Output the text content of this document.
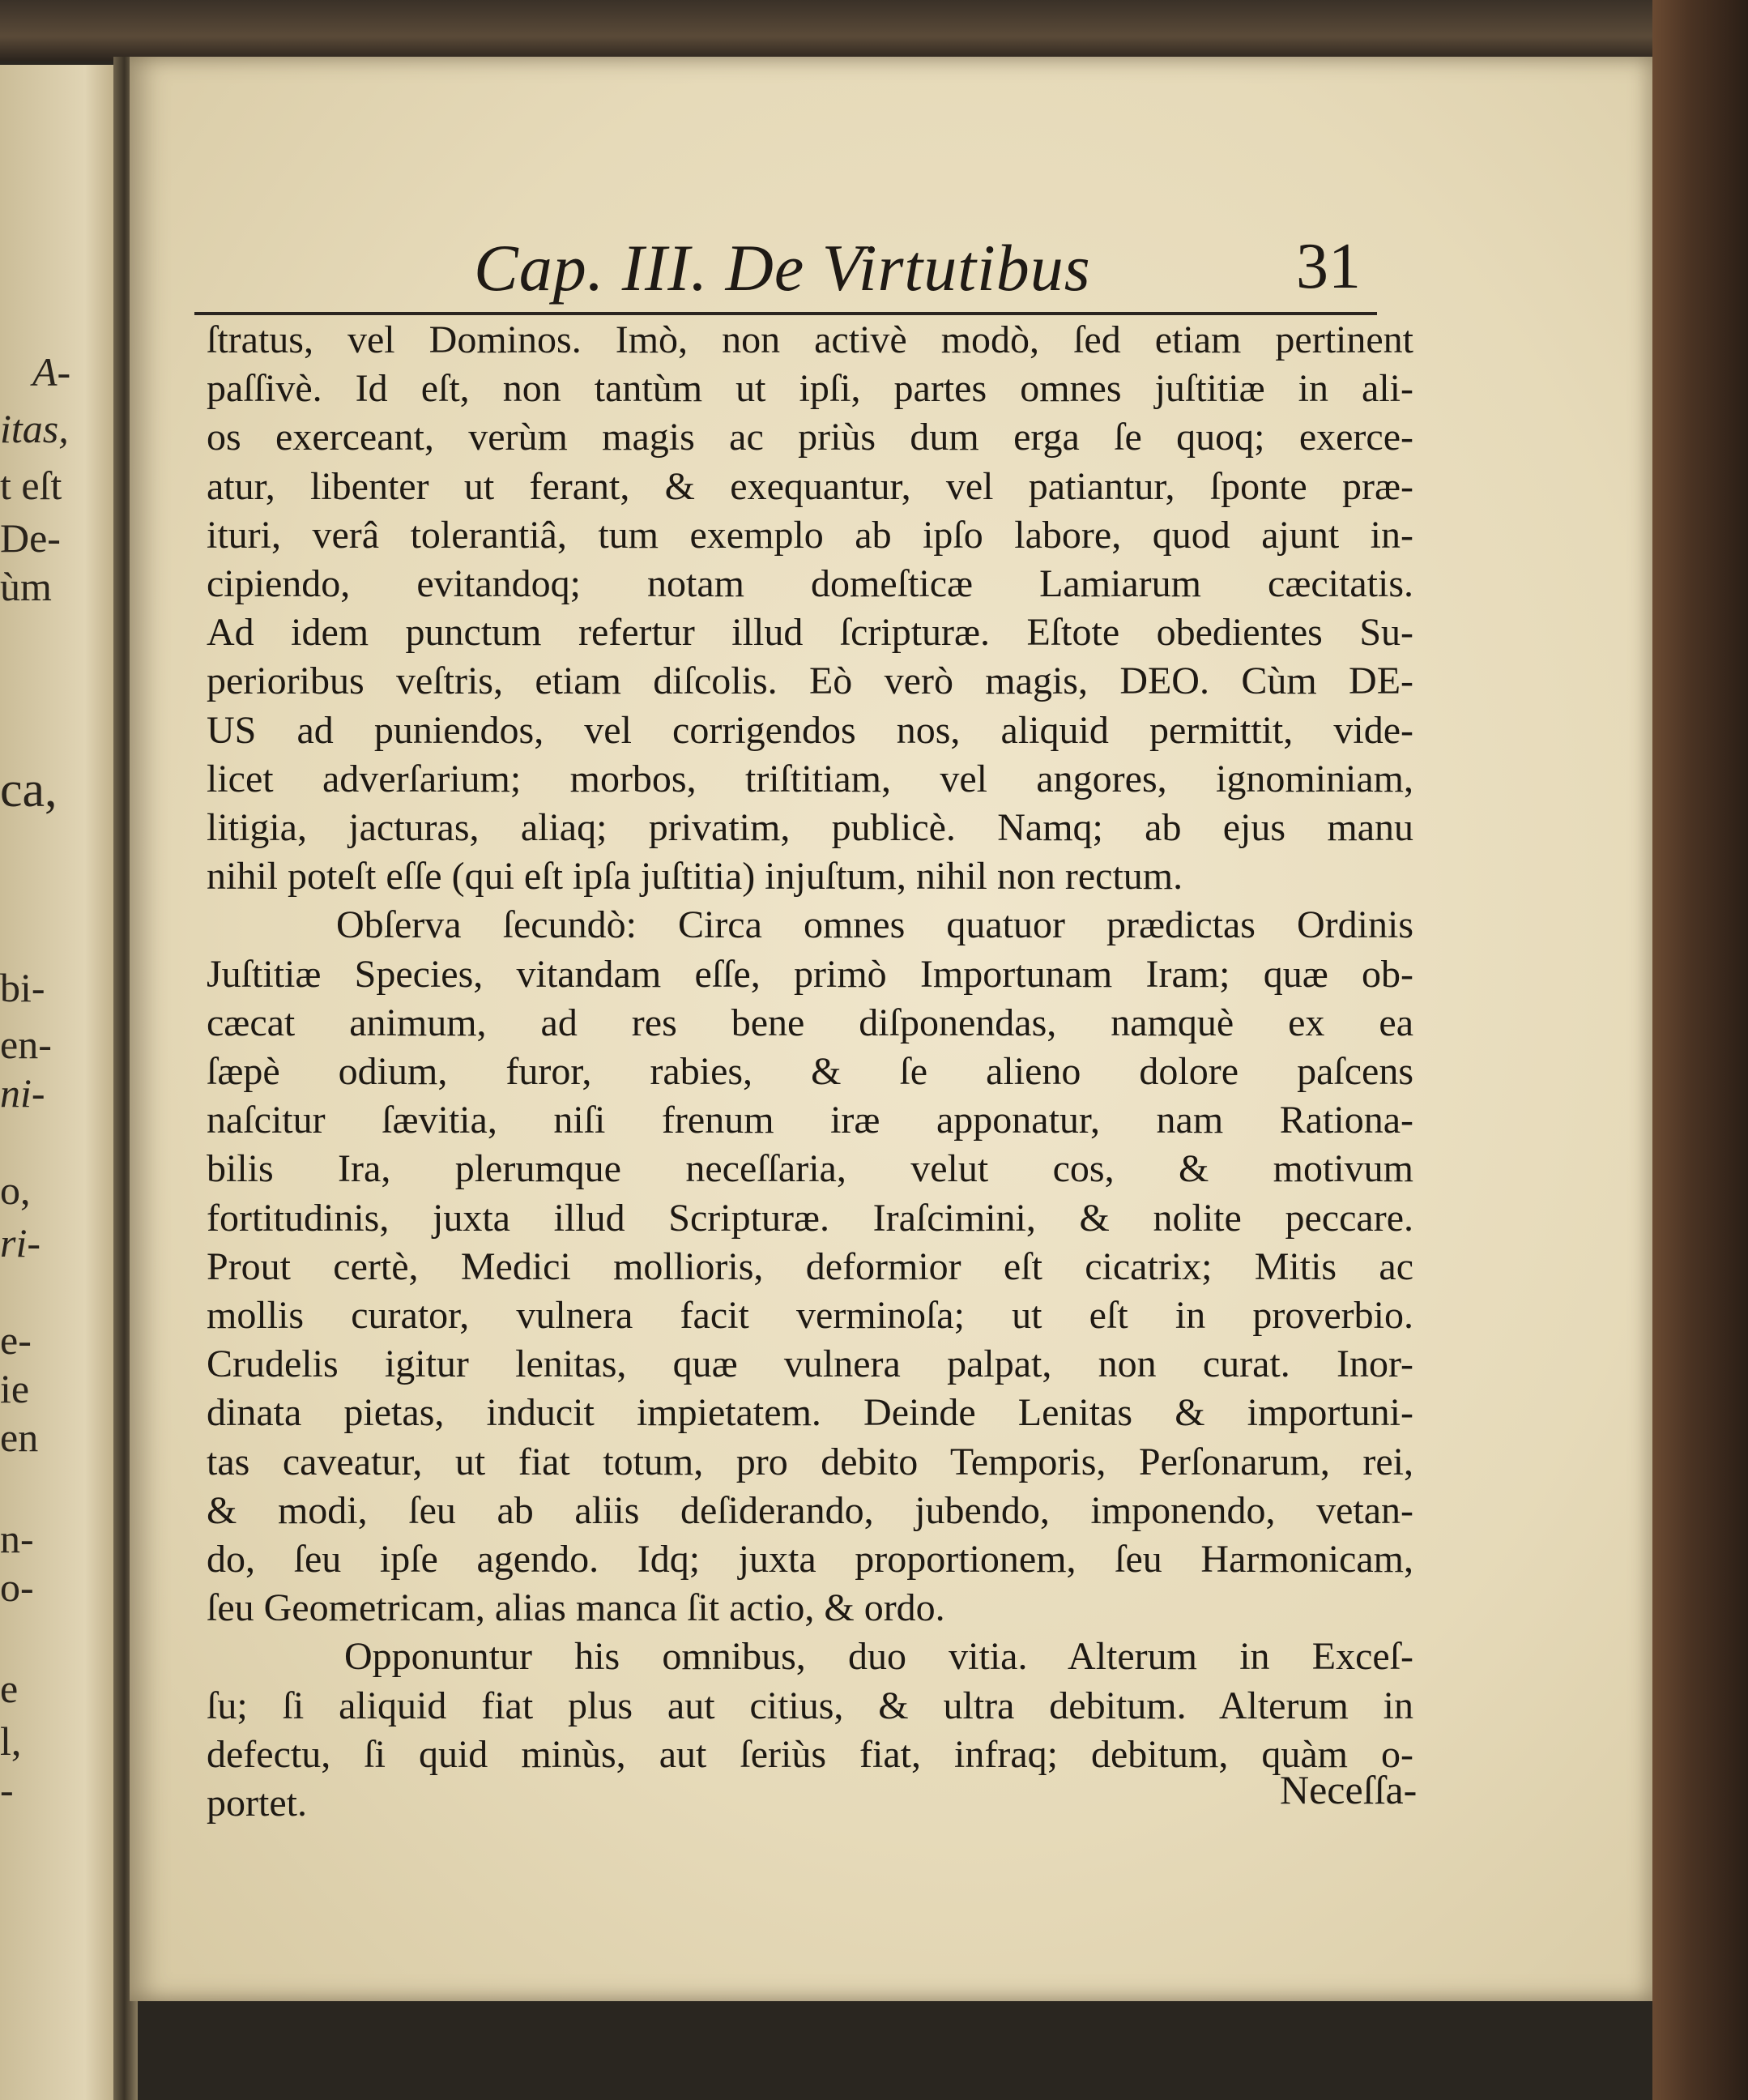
A-
itas,
t eſt
De-
ùm
ca,
bi-
en-
ni-
o,
ri-
e-
ie
en
n-
o-
e
l,
-
Cap. III. De Virtutibus	31
ſtratus, vel Dominos. Imò, non activè modò, ſed etiam pertinent
paſſivè. Id eſt, non tantùm ut ipſi, partes omnes juſtitiæ in ali-
os exerceant, verùm magis ac priùs dum erga ſe quoq; exerce-
atur, libenter ut ferant, & exequantur, vel patiantur, ſponte præ-
ituri, verâ tolerantiâ, tum exemplo ab ipſo labore, quod ajunt in-
cipiendo, evitandoq; notam domeſticæ Lamiarum cæcitatis.
Ad idem punctum refertur illud ſcripturæ. Eſtote obedientes Su-
perioribus veſtris, etiam diſcolis. Eò verò magis, DEO. Cùm DE-
US ad puniendos, vel corrigendos nos, aliquid permittit, vide-
licet adverſarium; morbos, triſtitiam, vel angores, ignominiam,
litigia, jacturas, aliaq; privatim, publicè. Namq; ab ejus manu
nihil poteſt eſſe (qui eſt ipſa juſtitia) injuſtum, nihil non rectum.
Obſerva ſecundò: Circa omnes quatuor prædictas Ordinis
Juſtitiæ Species, vitandam eſſe, primò Importunam Iram; quæ ob-
cæcat animum, ad res bene diſponendas, namquè ex ea
ſæpè odium, furor, rabies, & ſe alieno dolore paſcens
naſcitur ſævitia, niſi frenum iræ apponatur, nam Rationa-
bilis Ira, plerumque neceſſaria, velut cos, & motivum
fortitudinis, juxta illud Scripturæ. Iraſcimini, & nolite peccare.
Prout certè, Medici mollioris, deformior eſt cicatrix; Mitis ac
mollis curator, vulnera facit verminoſa; ut eſt in proverbio.
Crudelis igitur lenitas, quæ vulnera palpat, non curat. Inor-
dinata pietas, inducit impietatem. Deinde Lenitas & importuni-
tas caveatur, ut fiat totum, pro debito Temporis, Perſonarum, rei,
& modi, ſeu ab aliis deſiderando, jubendo, imponendo, vetan-
do, ſeu ipſe agendo. Idq; juxta proportionem, ſeu Harmonicam,
ſeu Geometricam, alias manca ſit actio, & ordo.
Opponuntur his omnibus, duo vitia. Alterum in Exceſ-
ſu; ſi aliquid fiat plus aut citius, & ultra debitum. Alterum in
defectu, ſi quid minùs, aut ſeriùs fiat, infraq; debitum, quàm o-
portet.	Neceſſa-
